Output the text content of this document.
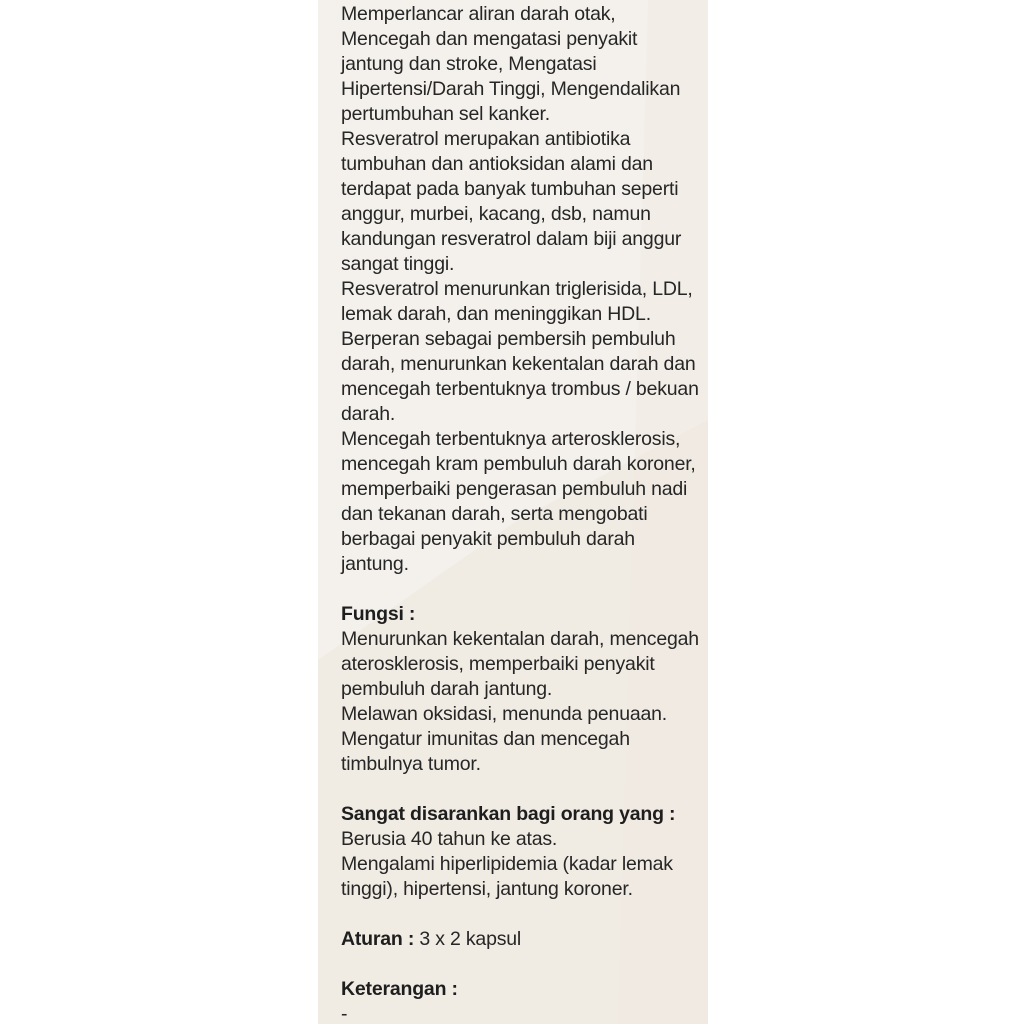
Memperlancar aliran darah otak, Mencegah dan mengatasi penyakit jantung dan stroke, Mengatasi Hipertensi/Darah Tinggi, Mengendalikan pertumbuhan sel kanker.

Resveratrol merupakan antibiotika tumbuhan dan antioksidan alami dan terdapat pada banyak tumbuhan seperti anggur, murbei, kacang, dsb, namun kandungan resveratrol dalam biji anggur sangat tinggi.

Resveratrol menurunkan triglerisida, LDL, lemak darah, dan meninggikan HDL. Berperan sebagai pembersih pembuluh darah, menurunkan kekentalan darah dan mencegah terbentuknya trombus / bekuan darah.

Mencegah terbentuknya arterosklerosis, mencegah kram pembuluh darah koroner, memperbaiki pengerasan pembuluh nadi dan tekanan darah, serta mengobati berbagai penyakit pembuluh darah jantung.

Fungsi :

Menurunkan kekentalan darah, mencegah aterosklerosis, memperbaiki penyakit pembuluh darah jantung.

Melawan oksidasi, menunda penuaan.

Mengatur imunitas dan mencegah timbulnya tumor.

Sangat disarankan bagi orang yang :

Berusia 40 tahun ke atas.

Mengalami hiperlipidemia (kadar lemak tinggi), hipertensi, jantung koroner.

Aturan : 3 x 2 kapsul

Keterangan :

-
